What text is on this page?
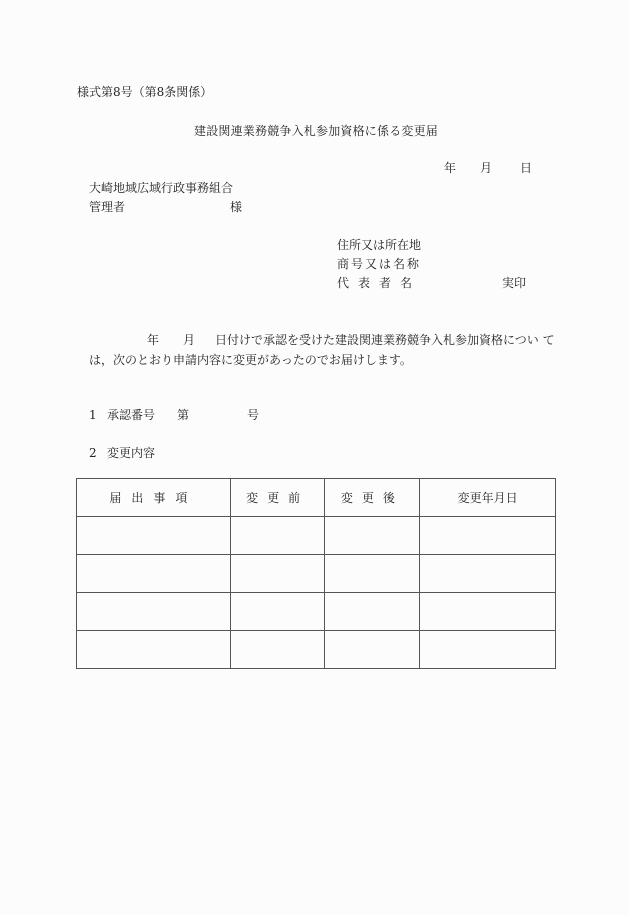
様式第8号（第8条関係）
建設関連業務競争入札参加資格に係る変更届
年 月 日
大崎地域広域行政事務組合
管理者	様
住所又は所在地
商号又は名称
代表者名	実印
年 月 日付けで承認を受けた建設関連業務競争入札参加資格につい て
は，次のとおり申請内容に変更があったのでお届けします。
1 承認番号 第	号
2 変更内容
届出事項	変更前	変更後	変更年月日
